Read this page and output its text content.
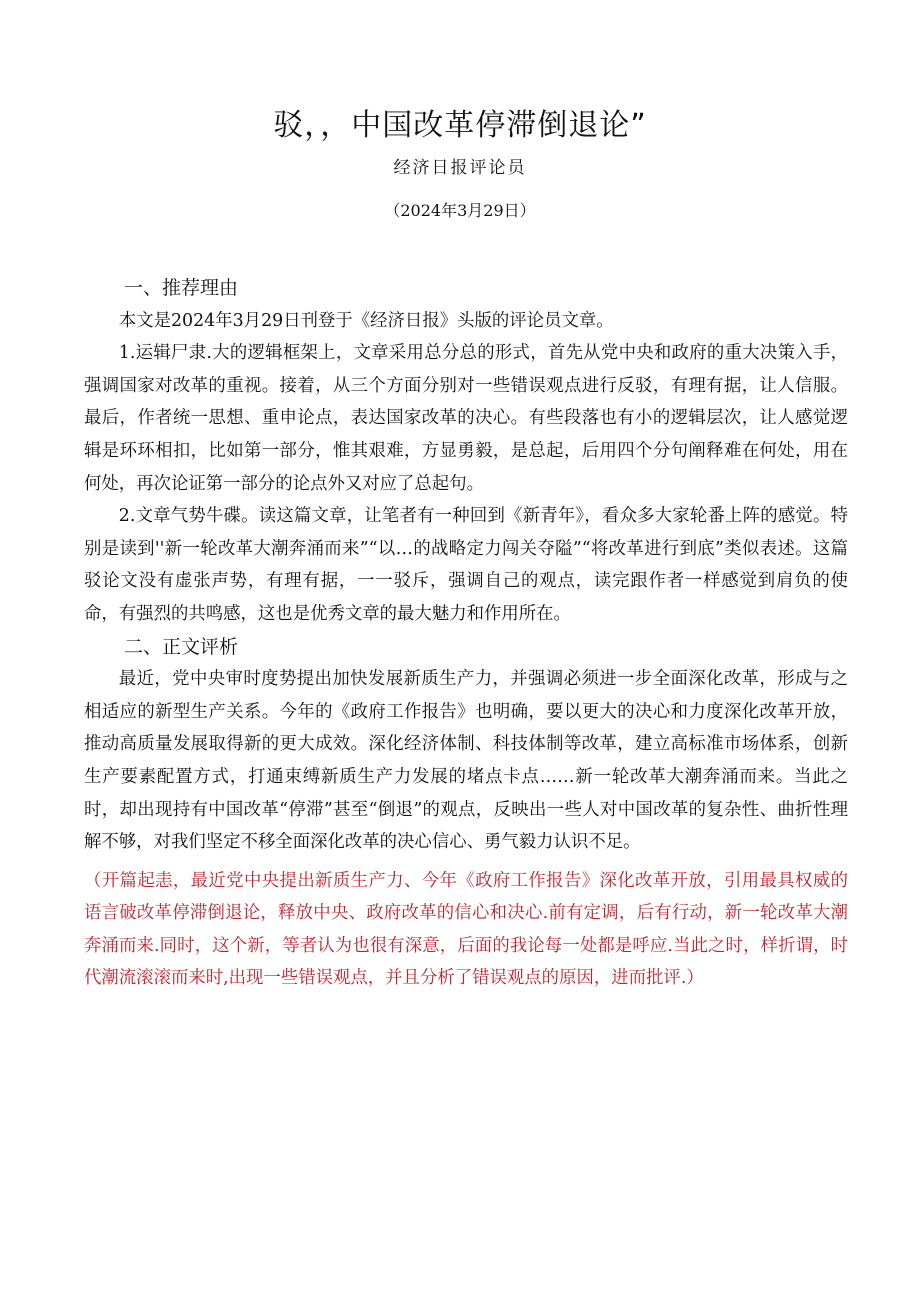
驳，，中国改革停滞倒退论”
经济日报评论员
（2024年3月29日）
一、推荐理由

本文是2024年3月29日刊登于《经济日报》头版的评论员文章。

1.运辑尸隶.大的逻辑框架上，文章采用总分总的形式，首先从党中央和政府的重大决策入手，强调国家对改革的重视。接着，从三个方面分别对一些错误观点进行反驳，有理有据，让人信服。最后，作者统一思想、重申论点，表达国家改革的决心。有些段落也有小的逻辑层次，让人感觉逻辑是环环相扣，比如第一部分，惟其艰难，方显勇毅，是总起，后用四个分句阐释难在何处，用在何处，再次论证第一部分的论点外又对应了总起句。

2.文章气势牛碟。读这篇文章，让笔者有一种回到《新青年》，看众多大家轮番上阵的感觉。特别是读到''新一轮改革大潮奔涌而来”“以…的战略定力闯关夺隘”“将改革进行到底”类似表述。这篇驳论文没有虚张声势，有理有据，一一驳斥，强调自己的观点，读完跟作者一样感觉到肩负的使命，有强烈的共鸣感，这也是优秀文章的最大魅力和作用所在。

二、正文评析

最近，党中央审时度势提出加快发展新质生产力，并强调必须进一步全面深化改革，形成与之相适应的新型生产关系。今年的《政府工作报告》也明确，要以更大的决心和力度深化改革开放，推动高质量发展取得新的更大成效。深化经济体制、科技体制等改革，建立高标准市场体系，创新生产要素配置方式，打通束缚新质生产力发展的堵点卡点……新一轮改革大潮奔涌而来。当此之时，却出现持有中国改革“停滞”甚至“倒退”的观点，反映出一些人对中国改革的复杂性、曲折性理解不够，对我们坚定不移全面深化改革的决心信心、勇气毅力认识不足。

（开篇起恚，最近党中央提出新质生产力、今年《政府工作报告》深化改革开放，引用最具权威的语言破改革停滞倒退论，释放中央、政府改革的信心和决心.前有定调，后有行动，新一轮改革大潮奔涌而来.同时，这个新，等者认为也很有深意，后面的我论每一处都是呼应.当此之时，样折谓，时代潮流滚滚而来时,出现一些错误观点，并且分析了错误观点的原因，进而批评.）
